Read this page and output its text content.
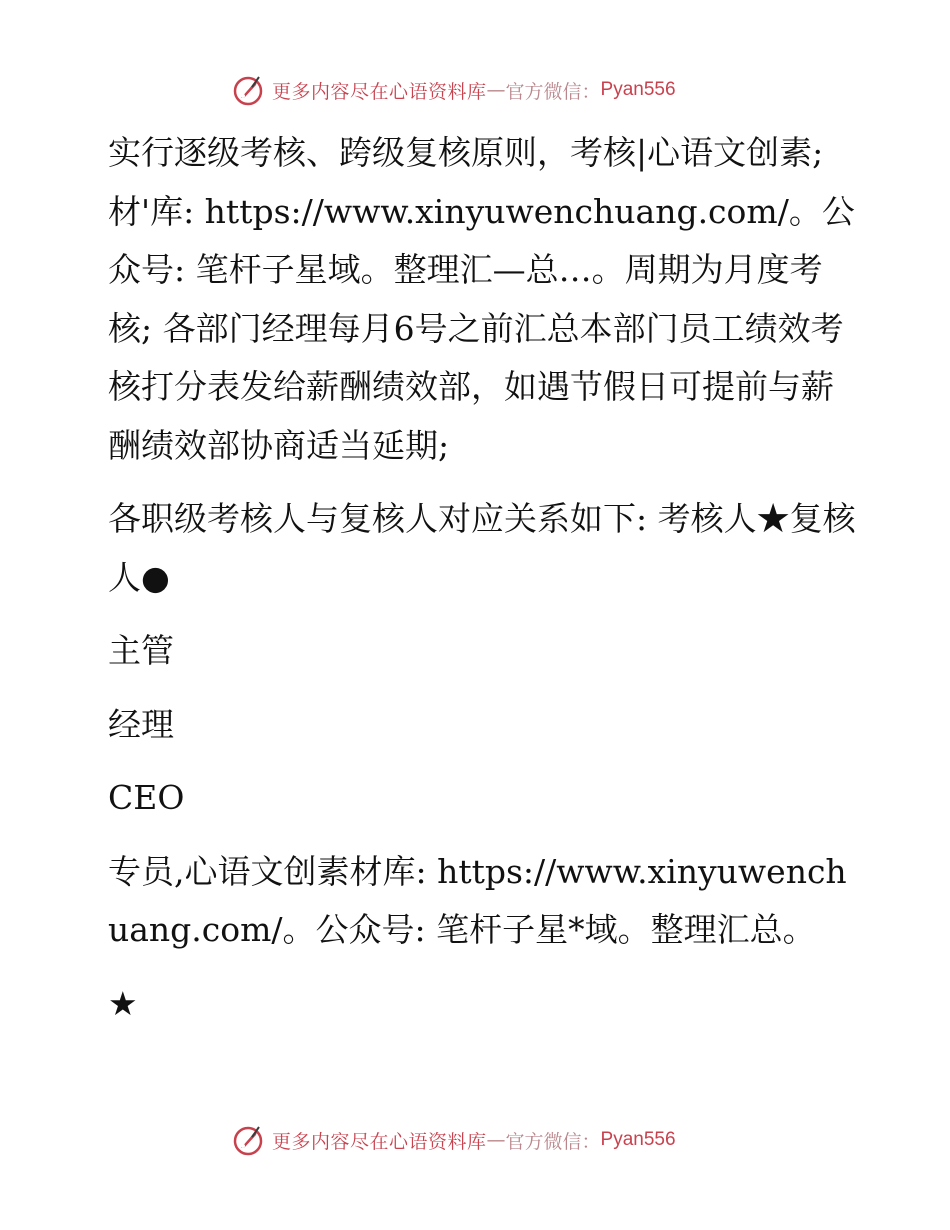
更多内容尽在心语资料库 — 官方微信： Pyan556

实行逐级考核、跨级复核原则，考核|心语文创素;材'库: https://www.xinyuwenchuang.com/。公众号: 笔杆子星域。整理汇—总…。周期为月度考核; 各部门经理每月6号之前汇总本部门员工绩效考核打分表发给薪酬绩效部，如遇节假日可提前与薪酬绩效部协商适当延期;

各职级考核人与复核人对应关系如下: 考核人★复核人●

主管

经理

CEO

专员,心语文创素材库: https://www.xinyuwenchuang.com/。公众号: 笔杆子星*域。整理汇总。

★

更多内容尽在心语资料库 — 官方微信： Pyan556
